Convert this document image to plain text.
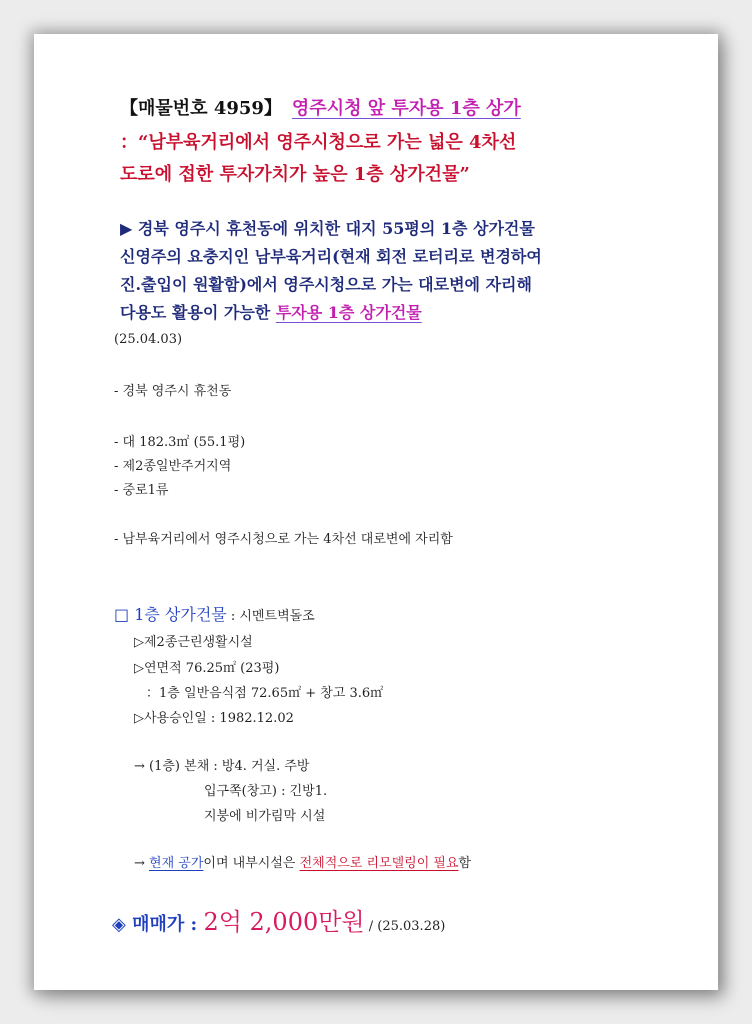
【매물번호 4959】 영주시청 앞 투자용 1층 상가
：“남부육거리에서 영주시청으로 가는 넓은 4차선
도로에 접한 투자가치가 높은 1층 상가건물”
▶ 경북 영주시 휴천동에 위치한 대지 55평의 1층 상가건물
신영주의 요충지인 남부육거리(현재 회전 로터리로 변경하여
진.출입이 원활함)에서 영주시청으로 가는 대로변에 자리해
다용도 활용이 가능한 투자용 1층 상가건물
(25.04.03)
- 경북 영주시 휴천동
- 대 182.3㎡ (55.1평)
- 제2종일반주거지역
- 중로1류
- 남부육거리에서 영주시청으로 가는 4차선 대로변에 자리함
□ 1층 상가건물 : 시멘트벽돌조
▷제2종근린생활시설
▷연면적 76.25㎡ (23평)
：1층 일반음식점 72.65㎡ + 창고 3.6㎡
▷사용승인일 : 1982.12.02
→ (1층) 본채 : 방4. 거실. 주방
입구쪽(창고) : 긴방1.
지붕에 비가림막 시설
→ 현재 공가이며 내부시설은 전체적으로 리모델링이 필요함
◈ 매매가 : 2억 2,000만원 / (25.03.28)
